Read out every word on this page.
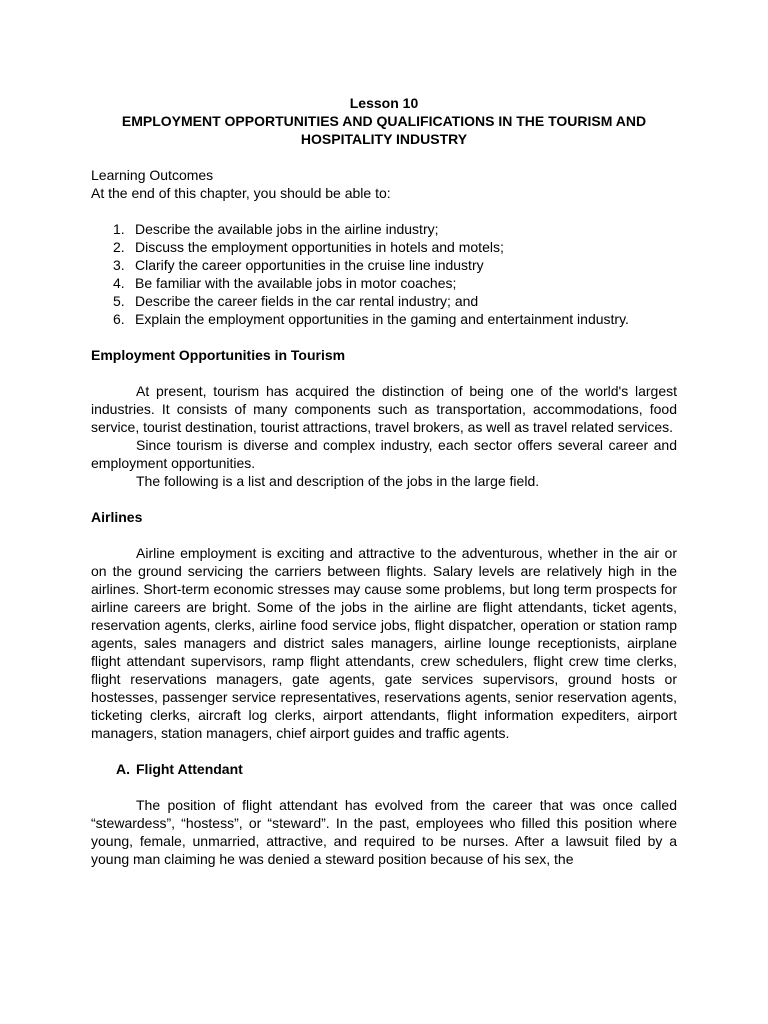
Lesson 10
EMPLOYMENT OPPORTUNITIES AND QUALIFICATIONS IN THE TOURISM AND
HOSPITALITY INDUSTRY
Learning Outcomes
At the end of this chapter, you should be able to:
1. Describe the available jobs in the airline industry;
2. Discuss the employment opportunities in hotels and motels;
3. Clarify the career opportunities in the cruise line industry
4. Be familiar with the available jobs in motor coaches;
5. Describe the career fields in the car rental industry; and
6. Explain the employment opportunities in the gaming and entertainment industry.
Employment Opportunities in Tourism
At present, tourism has acquired the distinction of being one of the world's largest industries. It consists of many components such as transportation, accommodations, food service, tourist destination, tourist attractions, travel brokers, as well as travel related services.
Since tourism is diverse and complex industry, each sector offers several career and employment opportunities.
The following is a list and description of the jobs in the large field.
Airlines
Airline employment is exciting and attractive to the adventurous, whether in the air or on the ground servicing the carriers between flights. Salary levels are relatively high in the airlines. Short-term economic stresses may cause some problems, but long term prospects for airline careers are bright. Some of the jobs in the airline are flight attendants, ticket agents, reservation agents, clerks, airline food service jobs, flight dispatcher, operation or station ramp agents, sales managers and district sales managers, airline lounge receptionists, airplane flight attendant supervisors, ramp flight attendants, crew schedulers, flight crew time clerks, flight reservations managers, gate agents, gate services supervisors, ground hosts or hostesses, passenger service representatives, reservations agents, senior reservation agents, ticketing clerks, aircraft log clerks, airport attendants, flight information expediters, airport managers, station managers, chief airport guides and traffic agents.
A. Flight Attendant
The position of flight attendant has evolved from the career that was once called “stewardess”, “hostess”, or “steward”. In the past, employees who filled this position where young, female, unmarried, attractive, and required to be nurses. After a lawsuit filed by a young man claiming he was denied a steward position because of his sex, the
